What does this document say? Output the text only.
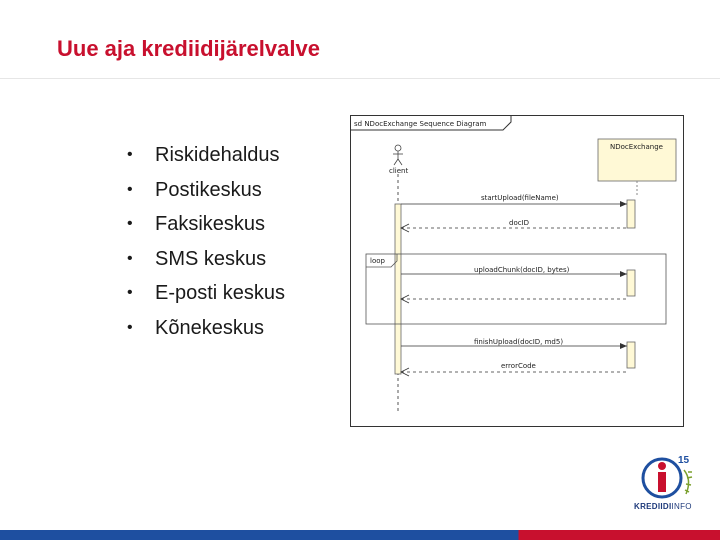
Uue aja krediidijärelvalve
• Riskidehaldus
• Postikeskus
• Faksikeskus
• SMS keskus
• E-posti keskus
• Kõnekeskus
sd NDocExchange Sequence Diagram
NDocExchange
client
loop
startUpload(fileName)
docID
uploadChunk(docID, bytes)
finishUpload(docID, md5)
errorCode
15
KREDIIDIINFO
